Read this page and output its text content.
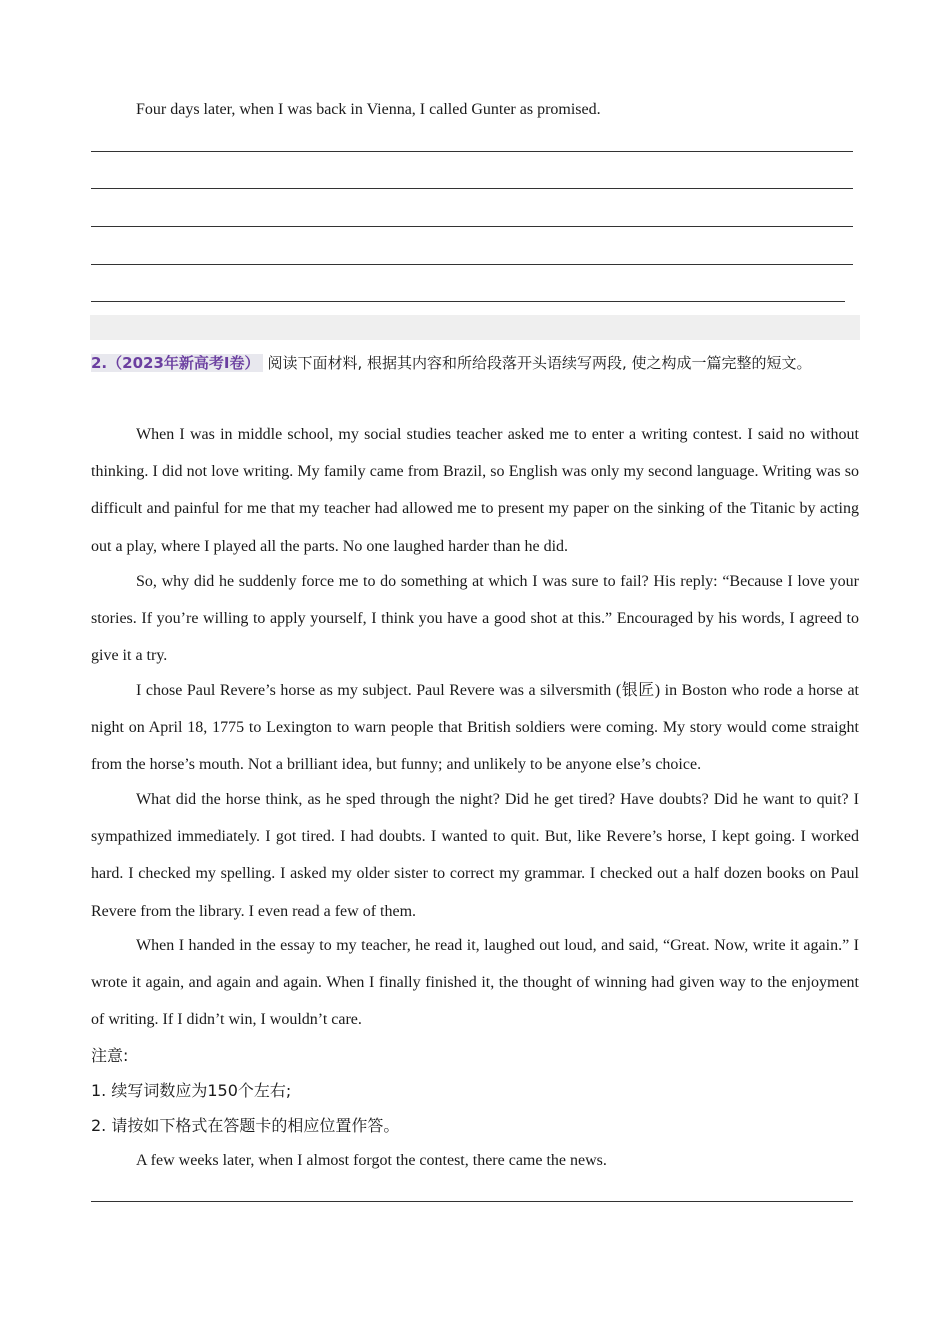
Four days later, when I was back in Vienna, I called Gunter as promised.

2.（2023年新高考I卷） 阅读下面材料, 根据其内容和所给段落开头语续写两段, 使之构成一篇完整的短文。

When I was in middle school, my social studies teacher asked me to enter a writing contest. I said no without thinking. I did not love writing. My family came from Brazil, so English was only my second language. Writing was so difficult and painful for me that my teacher had allowed me to present my paper on the sinking of the Titanic by acting out a play, where I played all the parts. No one laughed harder than he did.

So, why did he suddenly force me to do something at which I was sure to fail? His reply: “Because I love your stories. If you’re willing to apply yourself, I think you have a good shot at this.” Encouraged by his words, I agreed to give it a try.

I chose Paul Revere’s horse as my subject. Paul Revere was a silversmith (银匠) in Boston who rode a horse at night on April 18, 1775 to Lexington to warn people that British soldiers were coming. My story would come straight from the horse’s mouth. Not a brilliant idea, but funny; and unlikely to be anyone else’s choice.

What did the horse think, as he sped through the night? Did he get tired? Have doubts? Did he want to quit? I sympathized immediately. I got tired. I had doubts. I wanted to quit. But, like Revere’s horse, I kept going. I worked hard. I checked my spelling. I asked my older sister to correct my grammar. I checked out a half dozen books on Paul Revere from the library. I even read a few of them.

When I handed in the essay to my teacher, he read it, laughed out loud, and said, “Great. Now, write it again.” I wrote it again, and again and again. When I finally finished it, the thought of winning had given way to the enjoyment of writing. If I didn’t win, I wouldn’t care.

注意:

1. 续写词数应为150个左右;

2. 请按如下格式在答题卡的相应位置作答。

A few weeks later, when I almost forgot the contest, there came the news.
